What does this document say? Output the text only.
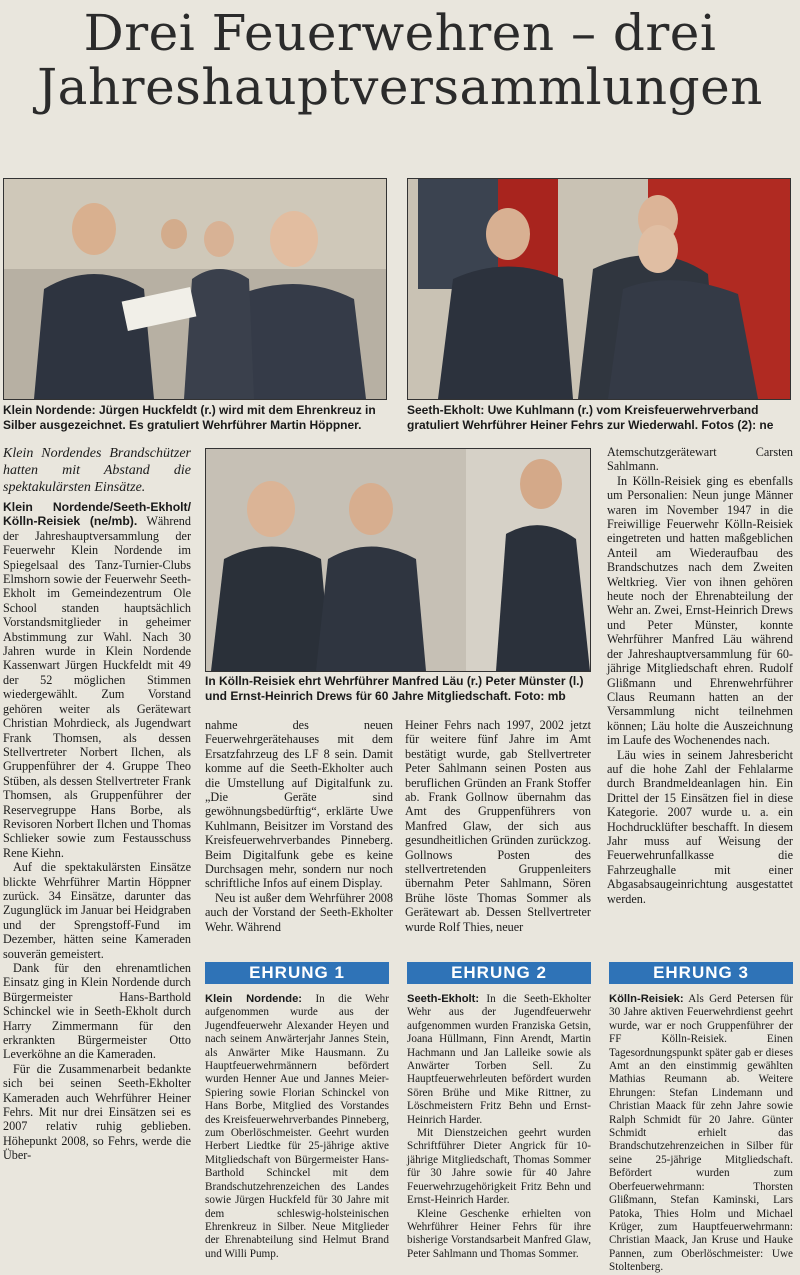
Drei Feuerwehren – drei
Jahreshauptversammlungen
Klein Nordende: Jürgen Huckfeldt (r.) wird mit dem Ehrenkreuz in Silber ausgezeichnet. Es gratuliert Wehrführer Martin Höppner.
Seeth-Ekholt: Uwe Kuhlmann (r.) vom Kreisfeuerwehrverband gratuliert Wehrführer Heiner Fehrs zur Wiederwahl. Fotos (2): ne

Klein Nordendes Brandschützer hatten mit Abstand die spektakulärsten Einsätze.

Klein Nordende/Seeth-Ekholt/ Kölln-Reisiek (ne/mb). Während der Jahreshauptversammlung der Feuerwehr Klein Nordende im Spiegelsaal des Tanz-Turnier-Clubs Elmshorn sowie der Feuerwehr Seeth-Ekholt im Gemeindezentrum Ole School standen hauptsächlich Vorstandsmitglieder in geheimer Abstimmung zur Wahl. Nach 30 Jahren wurde in Klein Nordende Kassenwart Jürgen Huckfeldt mit 49 der 52 möglichen Stimmen wiedergewählt. Zum Vorstand gehören weiter als Gerätewart Christian Mohrdieck, als Jugendwart Frank Thomsen, als dessen Stellvertreter Norbert Ilchen, als Gruppenführer der 4. Gruppe Theo Stüben, als dessen Stellvertreter Frank Thomsen, als Gruppenführer der Reservegruppe Hans Borbe, als Revisoren Norbert Ilchen und Thomas Schlieker sowie zum Festausschuss Rene Kiehn.

Auf die spektakulärsten Einsätze blickte Wehrführer Martin Höppner zurück. 34 Einsätze, darunter das Zugunglück im Januar bei Heidgraben und der Sprengstoff-Fund im Dezember, hätten seine Kameraden souverän gemeistert.

Dank für den ehrenamtlichen Einsatz ging in Klein Nordende durch Bürgermeister Hans-Barthold Schinckel wie in Seeth-Ekholt durch Harry Zimmermann für den erkrankten Bürgermeister Otto Leverköhne an die Kameraden.

Für die Zusammenarbeit bedankte sich bei seinen Seeth-Ekholter Kameraden auch Wehrführer Heiner Fehrs. Mit nur drei Einsätzen sei es 2007 relativ ruhig geblieben. Höhepunkt 2008, so Fehrs, werde die Über-

In Kölln-Reisiek ehrt Wehrführer Manfred Läu (r.) Peter Münster (l.) und Ernst-Heinrich Drews für 60 Jahre Mitgliedschaft. Foto: mb

nahme des neuen Feuerwehrgerätehauses mit dem Ersatzfahrzeug des LF 8 sein. Damit komme auf die Seeth-Ekholter auch die Umstellung auf Digitalfunk zu. „Die Geräte sind gewöhnungsbedürftig“, erklärte Uwe Kuhlmann, Beisitzer im Vorstand des Kreisfeuerwehrverbandes Pinneberg. Beim Digitalfunk gebe es keine Durchsagen mehr, sondern nur noch schriftliche Infos auf einem Display.

Neu ist außer dem Wehrführer 2008 auch der Vorstand der Seeth-Ekholter Wehr. Während

Heiner Fehrs nach 1997, 2002 jetzt für weitere fünf Jahre im Amt bestätigt wurde, gab Stellvertreter Peter Sahlmann seinen Posten aus beruflichen Gründen an Frank Stoffer ab. Frank Gollnow übernahm das Amt des Gruppenführers von Manfred Glaw, der sich aus gesundheitlichen Gründen zurückzog. Gollnows Posten des stellvertretenden Gruppenleiters übernahm Peter Sahlmann, Sören Brühe löste Thomas Sommer als Gerätewart ab. Dessen Stellvertreter wurde Rolf Thies, neuer

Atemschutzgerätewart Carsten Sahlmann.

In Kölln-Reisiek ging es ebenfalls um Personalien: Neun junge Männer waren im November 1947 in die Freiwillige Feuerwehr Kölln-Reisiek eingetreten und hatten maßgeblichen Anteil am Wiederaufbau des Brandschutzes nach dem Zweiten Weltkrieg. Vier von ihnen gehören heute noch der Ehrenabteilung der Wehr an. Zwei, Ernst-Heinrich Drews und Peter Münster, konnte Wehrführer Manfred Läu während der Jahreshauptversammlung für 60-jährige Mitgliedschaft ehren. Rudolf Glißmann und Ehrenwehrführer Claus Reumann hatten an der Versammlung nicht teilnehmen können; Läu holte die Auszeichnung im Laufe des Wochenendes nach.

Läu wies in seinem Jahresbericht auf die hohe Zahl der Fehlalarme durch Brandmeldeanlagen hin. Ein Drittel der 15 Einsätzen fiel in diese Kategorie. 2007 wurde u. a. ein Hochdrucklüfter beschafft. In diesem Jahr muss auf Weisung der Feuerwehrunfallkasse die Fahrzeughalle mit einer Abgasabsaugeinrichtung ausgestattet werden.

EHRUNG 1	EHRUNG 2	EHRUNG 3
Klein Nordende: In die Wehr aufgenommen wurde aus der Jugendfeuerwehr Alexander Heyen und nach seinem Anwärterjahr Jannes Stein, als Anwärter Mike Hausmann. Zu Hauptfeuerwehrmännern befördert wurden Henner Aue und Jannes Meier-Spiering sowie Florian Schinckel von Hans Borbe, Mitglied des Vorstandes des Kreisfeuerwehrverbandes Pinneberg, zum Oberlöschmeister. Geehrt wurden Herbert Liedtke für 25-jährige aktive Mitgliedschaft von Bürgermeister Hans-Barthold Schinckel mit dem Brandschutzehrenzeichen des Landes sowie Jürgen Huckfeld für 30 Jahre mit dem schleswig-holsteinischen Ehrenkreuz in Silber. Neue Mitglieder der Ehrenabteilung sind Helmut Brand und Willi Pump.
Seeth-Ekholt: In die Seeth-Ekholter Wehr aus der Jugendfeuerwehr aufgenommen wurden Franziska Getsin, Joana Hüllmann, Finn Arendt, Martin Hachmann und Jan Lalleike sowie als Anwärter Torben Sell. Zu Hauptfeuerwehrleuten befördert wurden Sören Brühe und Mike Rittner, zu Löschmeistern Fritz Behn und Ernst-Heinrich Harder.
Mit Dienstzeichen geehrt wurden Schriftführer Dieter Angrick für 10-jährige Mitgliedschaft, Thomas Sommer für 30 Jahre sowie für 40 Jahre Feuerwehrzugehörigkeit Fritz Behn und Ernst-Heinrich Harder.
Kleine Geschenke erhielten von Wehrführer Heiner Fehrs für ihre bisherige Vorstandsarbeit Manfred Glaw, Peter Sahlmann und Thomas Sommer.
Kölln-Reisiek: Als Gerd Petersen für 30 Jahre aktiven Feuerwehrdienst geehrt wurde, war er noch Gruppenführer der FF Kölln-Reisiek. Einen Tagesordnungspunkt später gab er dieses Amt an den einstimmig gewählten Mathias Reumann ab. Weitere Ehrungen: Stefan Lindemann und Christian Maack für zehn Jahre sowie Ralph Schmidt für 20 Jahre. Günter Schmidt erhielt das Brandschutzehrenzeichen in Silber für seine 25-jährige Mitgliedschaft. Befördert wurden zum Oberfeuerwehrmann: Thorsten Glißmann, Stefan Kaminski, Lars Patoka, Thies Holm und Michael Krüger, zum Hauptfeuerwehrmann: Christian Maack, Jan Kruse und Hauke Pannen, zum Oberlöschmeister: Uwe Stoltenberg.
